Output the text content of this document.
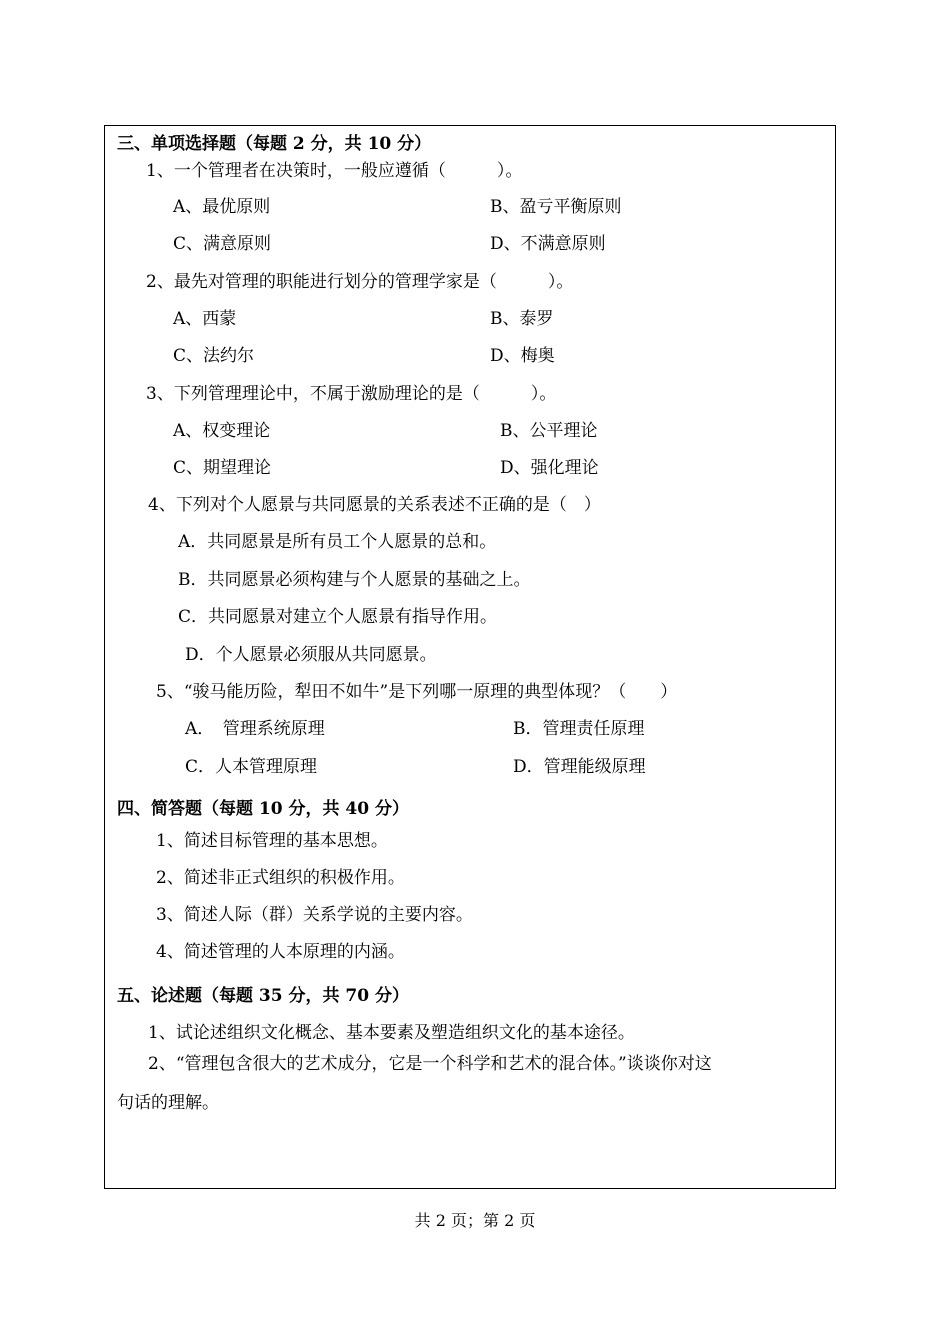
三、单项选择题（每题 2 分，共 10 分）
1、一个管理者在决策时，一般应遵循（　　　）。
A、最优原则	B、盈亏平衡原则
C、满意原则	D、不满意原则
2、最先对管理的职能进行划分的管理学家是（　　　）。
A、西蒙	B、泰罗
C、法约尔	D、梅奥
3、下列管理理论中，不属于激励理论的是（　　　）。
A、权变理论	B、公平理论
C、期望理论	D、强化理论
4、下列对个人愿景与共同愿景的关系表述不正确的是（　）
A．共同愿景是所有员工个人愿景的总和。
B．共同愿景必须构建与个人愿景的基础之上。
C．共同愿景对建立个人愿景有指导作用。
D．个人愿景必须服从共同愿景。
5、“骏马能历险，犁田不如牛”是下列哪一原理的典型体现？（　　）
A．　管理系统原理	B．管理责任原理
C．人本管理原理	D．管理能级原理
四、简答题（每题 10 分，共 40 分）
1、简述目标管理的基本思想。
2、简述非正式组织的积极作用。
3、简述人际（群）关系学说的主要内容。
4、简述管理的人本原理的内涵。
五、论述题（每题 35 分，共 70 分）
1、试论述组织文化概念、基本要素及塑造组织文化的基本途径。
2、“管理包含很大的艺术成分，它是一个科学和艺术的混合体。”谈谈你对这
句话的理解。
共 2 页；第 2 页
